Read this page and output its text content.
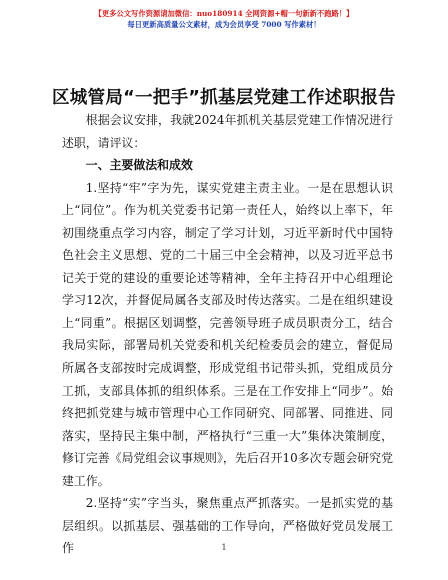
【更多公文写作资源请加微信：nuo180914 全网资源+帽一句新新不跑路！】
每日更新高质量公文素材，成为会员享受 7000 写作素材！
区城管局“一把手”抓基层党建工作述职报告

根据会议安排，我就2024年抓机关基层党建工作情况进行述职，请评议：

一、主要做法和成效

1.坚持“牢”字为先，谋实党建主责主业。一是在思想认识上“同位”。作为机关党委书记第一责任人，始终以上率下，年初围绕重点学习内容，制定了学习计划，习近平新时代中国特色社会主义思想、党的二十届三中全会精神，以及习近平总书记关于党的建设的重要论述等精神，全年主持召开中心组理论学习12次，并督促局属各支部及时传达落实。二是在组织建设上“同重”。根据区划调整，完善领导班子成员职责分工，结合我局实际，部署局机关党委和机关纪检委员会的建立，督促局所属各支部按时完成调整，形成党组书记带头抓，党组成员分工抓，支部具体抓的组织体系。三是在工作安排上“同步”。始终把抓党建与城市管理中心工作同研究、同部署、同推进、同落实，坚持民主集中制，严格执行“三重一大”集体决策制度，修订完善《局党组会议事规则》，先后召开10多次专题会研究党建工作。

2.坚持“实”字当头，聚焦重点严抓落实。一是抓实党的基层组织。以抓基层、强基础的工作导向，严格做好党员发展工作	1
